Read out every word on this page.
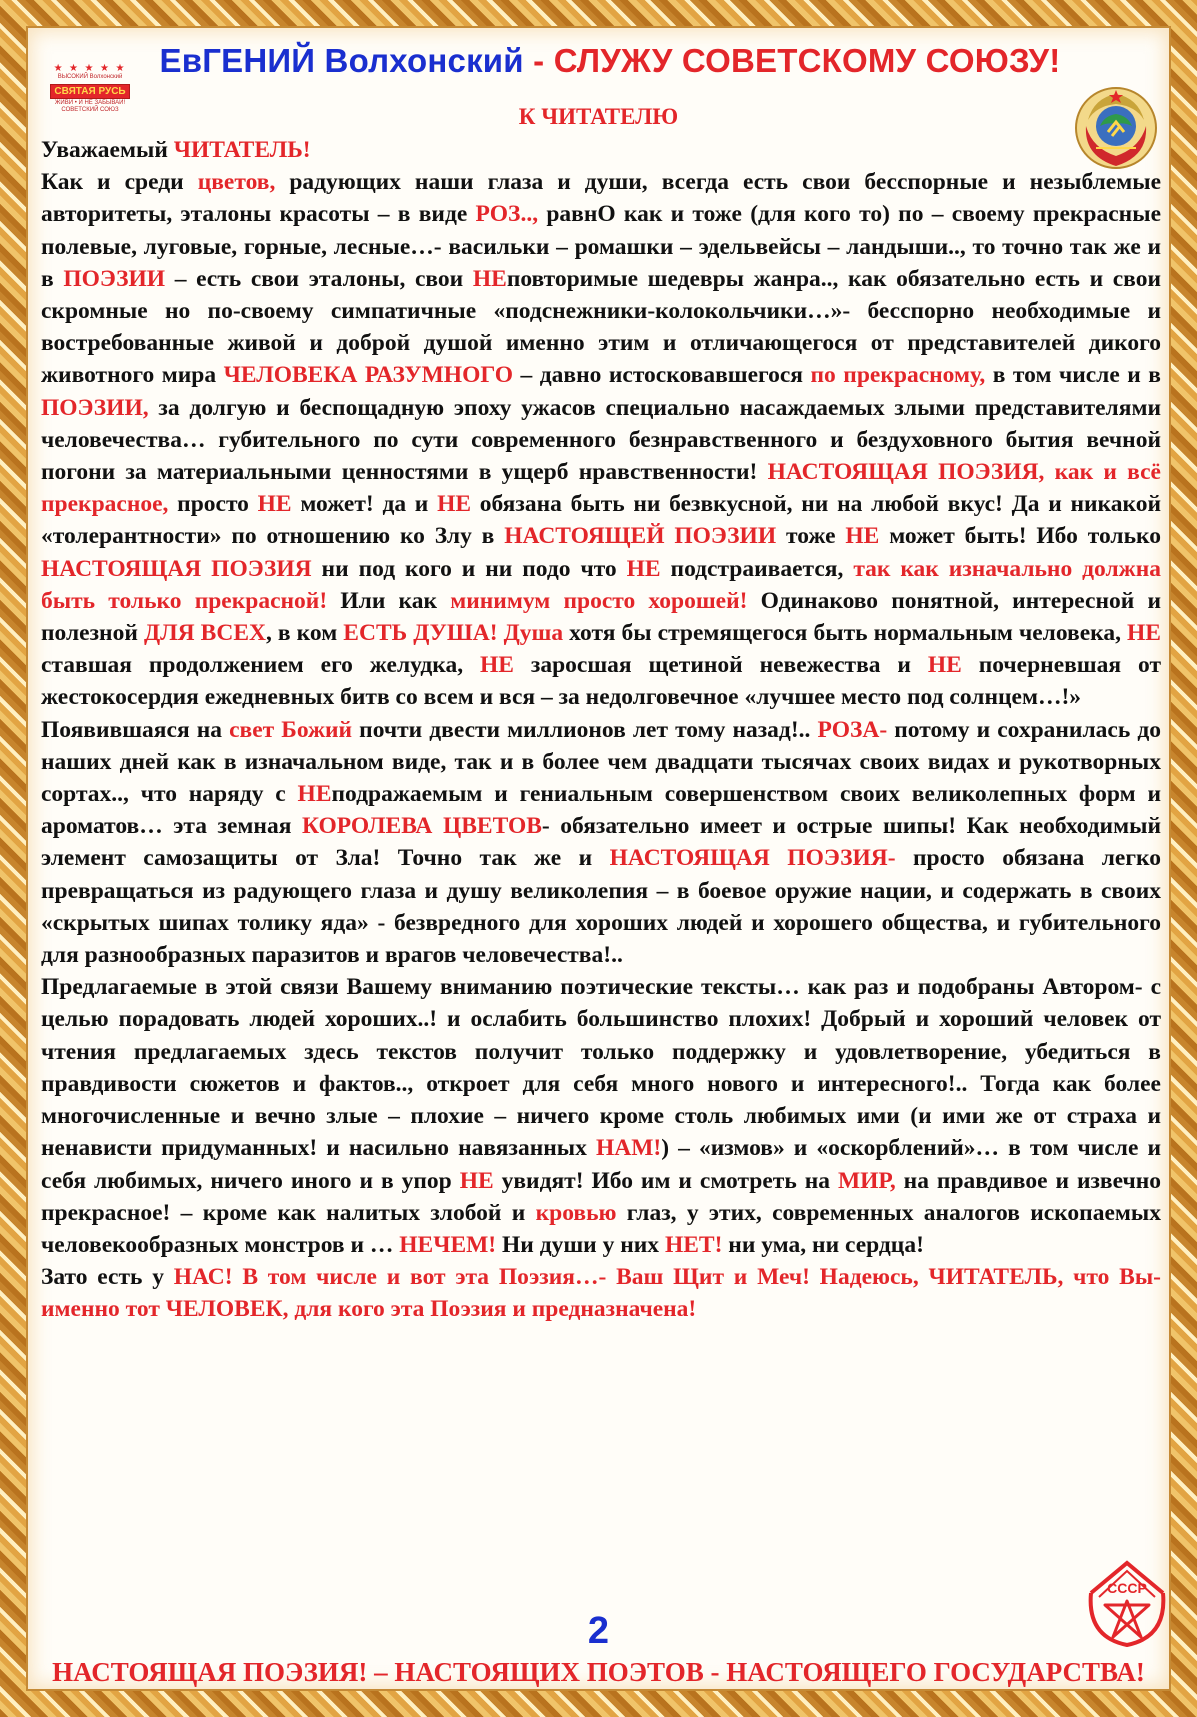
ЕвГЕНИЙ Волхонский - СЛУЖУ СОВЕТСКОМУ СОЮЗУ!
★ ★ ★ ★ ★
ВЫСОКИЙ Волхонский
СВЯТАЯ РУСЬ
ЖИВИ • И НЕ ЗАБЫВАЙ! СОВЕТСКИЙ СОЮЗ	К ЧИТАТЕЛЮ

Уважаемый ЧИТАТЕЛЬ!

Как и среди цветов, радующих наши глаза и души, всегда есть свои бесспорные и незыблемые авторитеты, эталоны красоты – в виде РОЗ.., равнО как и тоже (для кого то) по – своему прекрасные полевые, луговые, горные, лесные…- васильки – ромашки – эдельвейсы – ландыши.., то точно так же и в ПОЭЗИИ – есть свои эталоны, свои НЕповторимые шедевры жанра.., как обязательно есть и свои скромные но по-своему симпатичные «подснежники-колокольчики…»- бесспорно необходимые и востребованные живой и доброй душой именно этим и отличающегося от представителей дикого животного мира ЧЕЛОВЕКА РАЗУМНОГО – давно истосковавшегося по прекрасному, в том числе и в ПОЭЗИИ, за долгую и беспощадную эпоху ужасов специально насаждаемых злыми представителями человечества… губительного по сути современного безнравственного и бездуховного бытия вечной погони за материальными ценностями в ущерб нравственности! НАСТОЯЩАЯ ПОЭЗИЯ, как и всё прекрасное, просто НЕ может! да и НЕ обязана быть ни безвкусной, ни на любой вкус! Да и никакой «толерантности» по отношению ко Злу в НАСТОЯЩЕЙ ПОЭЗИИ тоже НЕ может быть! Ибо только НАСТОЯЩАЯ ПОЭЗИЯ ни под кого и ни подо что НЕ подстраивается, так как изначально должна быть только прекрасной! Или как минимум просто хорошей! Одинаково понятной, интересной и полезной ДЛЯ ВСЕХ, в ком ЕСТЬ ДУША! Душа хотя бы стремящегося быть нормальным человека, НЕ ставшая продолжением его желудка, НЕ заросшая щетиной невежества и НЕ почерневшая от жестокосердия ежедневных битв со всем и вся – за недолговечное «лучшее место под солнцем…!»

Появившаяся на свет Божий почти двести миллионов лет тому назад!.. РОЗА- потому и сохранилась до наших дней как в изначальном виде, так и в более чем двадцати тысячах своих видах и рукотворных сортах.., что наряду с НЕподражаемым и гениальным совершенством своих великолепных форм и ароматов… эта земная КОРОЛЕВА ЦВЕТОВ- обязательно имеет и острые шипы! Как необходимый элемент самозащиты от Зла! Точно так же и НАСТОЯЩАЯ ПОЭЗИЯ- просто обязана легко превращаться из радующего глаза и душу великолепия – в боевое оружие нации, и содержать в своих «скрытых шипах толику яда» - безвредного для хороших людей и хорошего общества, и губительного для разнообразных паразитов и врагов человечества!..

Предлагаемые в этой связи Вашему вниманию поэтические тексты… как раз и подобраны Автором- с целью порадовать людей хороших..! и ослабить большинство плохих! Добрый и хороший человек от чтения предлагаемых здесь текстов получит только поддержку и удовлетворение, убедиться в правдивости сюжетов и фактов.., откроет для себя много нового и интересного!.. Тогда как более многочисленные и вечно злые – плохие – ничего кроме столь любимых ими (и ими же от страха и ненависти придуманных! и насильно навязанных НАМ!) – «измов» и «оскорблений»… в том числе и себя любимых, ничего иного и в упор НЕ увидят! Ибо им и смотреть на МИР, на правдивое и извечно прекрасное! – кроме как налитых злобой и кровью глаз, у этих, современных аналогов ископаемых человекообразных монстров и … НЕЧЕМ! Ни души у них НЕТ! ни ума, ни сердца!

Зато есть у НАС! В том числе и вот эта Поэзия…- Ваш Щит и Меч! Надеюсь, ЧИТАТЕЛЬ, что Вы- именно тот ЧЕЛОВЕК, для кого эта Поэзия и предназначена!

2
СССР
НАСТОЯЩАЯ ПОЭЗИЯ! – НАСТОЯЩИХ ПОЭТОВ - НАСТОЯЩЕГО ГОСУДАРСТВА!
